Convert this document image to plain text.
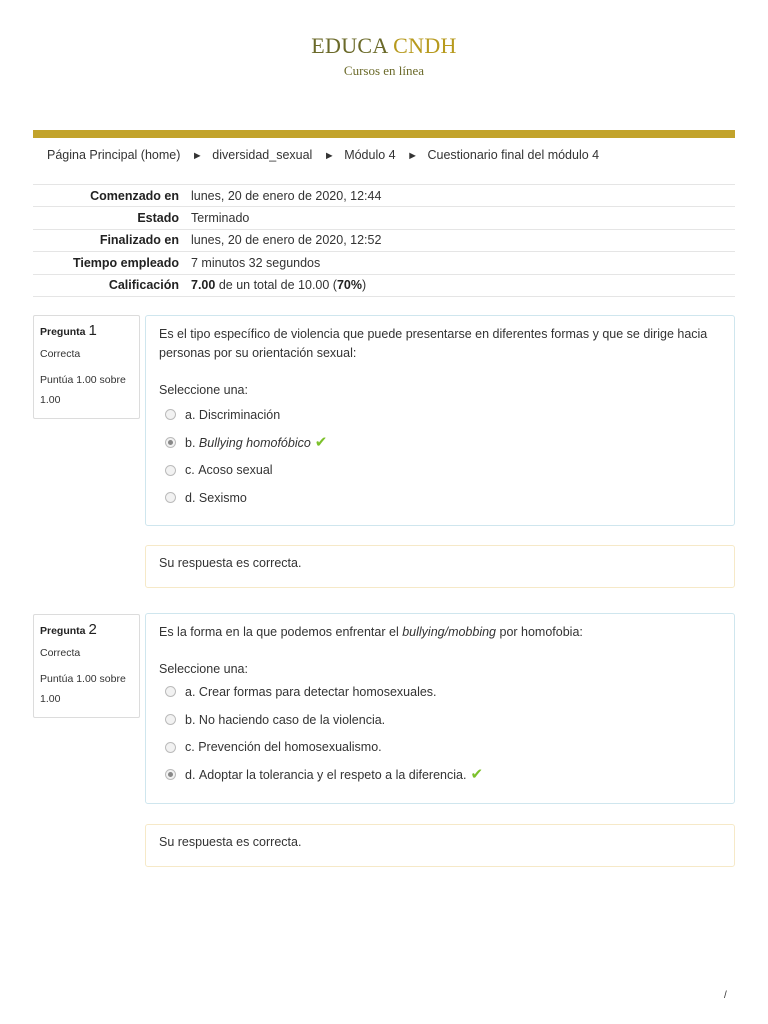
EDUCA CNDH
Cursos en línea
Página Principal (home) ► diversidad_sexual ► Módulo 4 ► Cuestionario final del módulo 4
Comenzado en lunes, 20 de enero de 2020, 12:44
Estado Terminado
Finalizado en lunes, 20 de enero de 2020, 12:52
Tiempo empleado 7 minutos 32 segundos
Calificación 7.00 de un total de 10.00 (70%)
Pregunta 1
Correcta
Puntúa 1.00 sobre 1.00
Es el tipo específico de violencia que puede presentarse en diferentes formas y que se dirige hacia personas por su orientación sexual:
Seleccione una:
a.
Discriminación
b.
Bullying homofóbico ✔
c.
Acoso sexual
d.
Sexismo
Su respuesta es correcta.
Pregunta 2
Correcta
Puntúa 1.00 sobre 1.00
Es la forma en la que podemos enfrentar el bullying/mobbing por homofobia:
Seleccione una:
a.
Crear formas para detectar homosexuales.
b.
No haciendo caso de la violencia.
c.
Prevención del homosexualismo.
d.
Adoptar la tolerancia y el respeto a la diferencia. ✔
Su respuesta es correcta.
/
